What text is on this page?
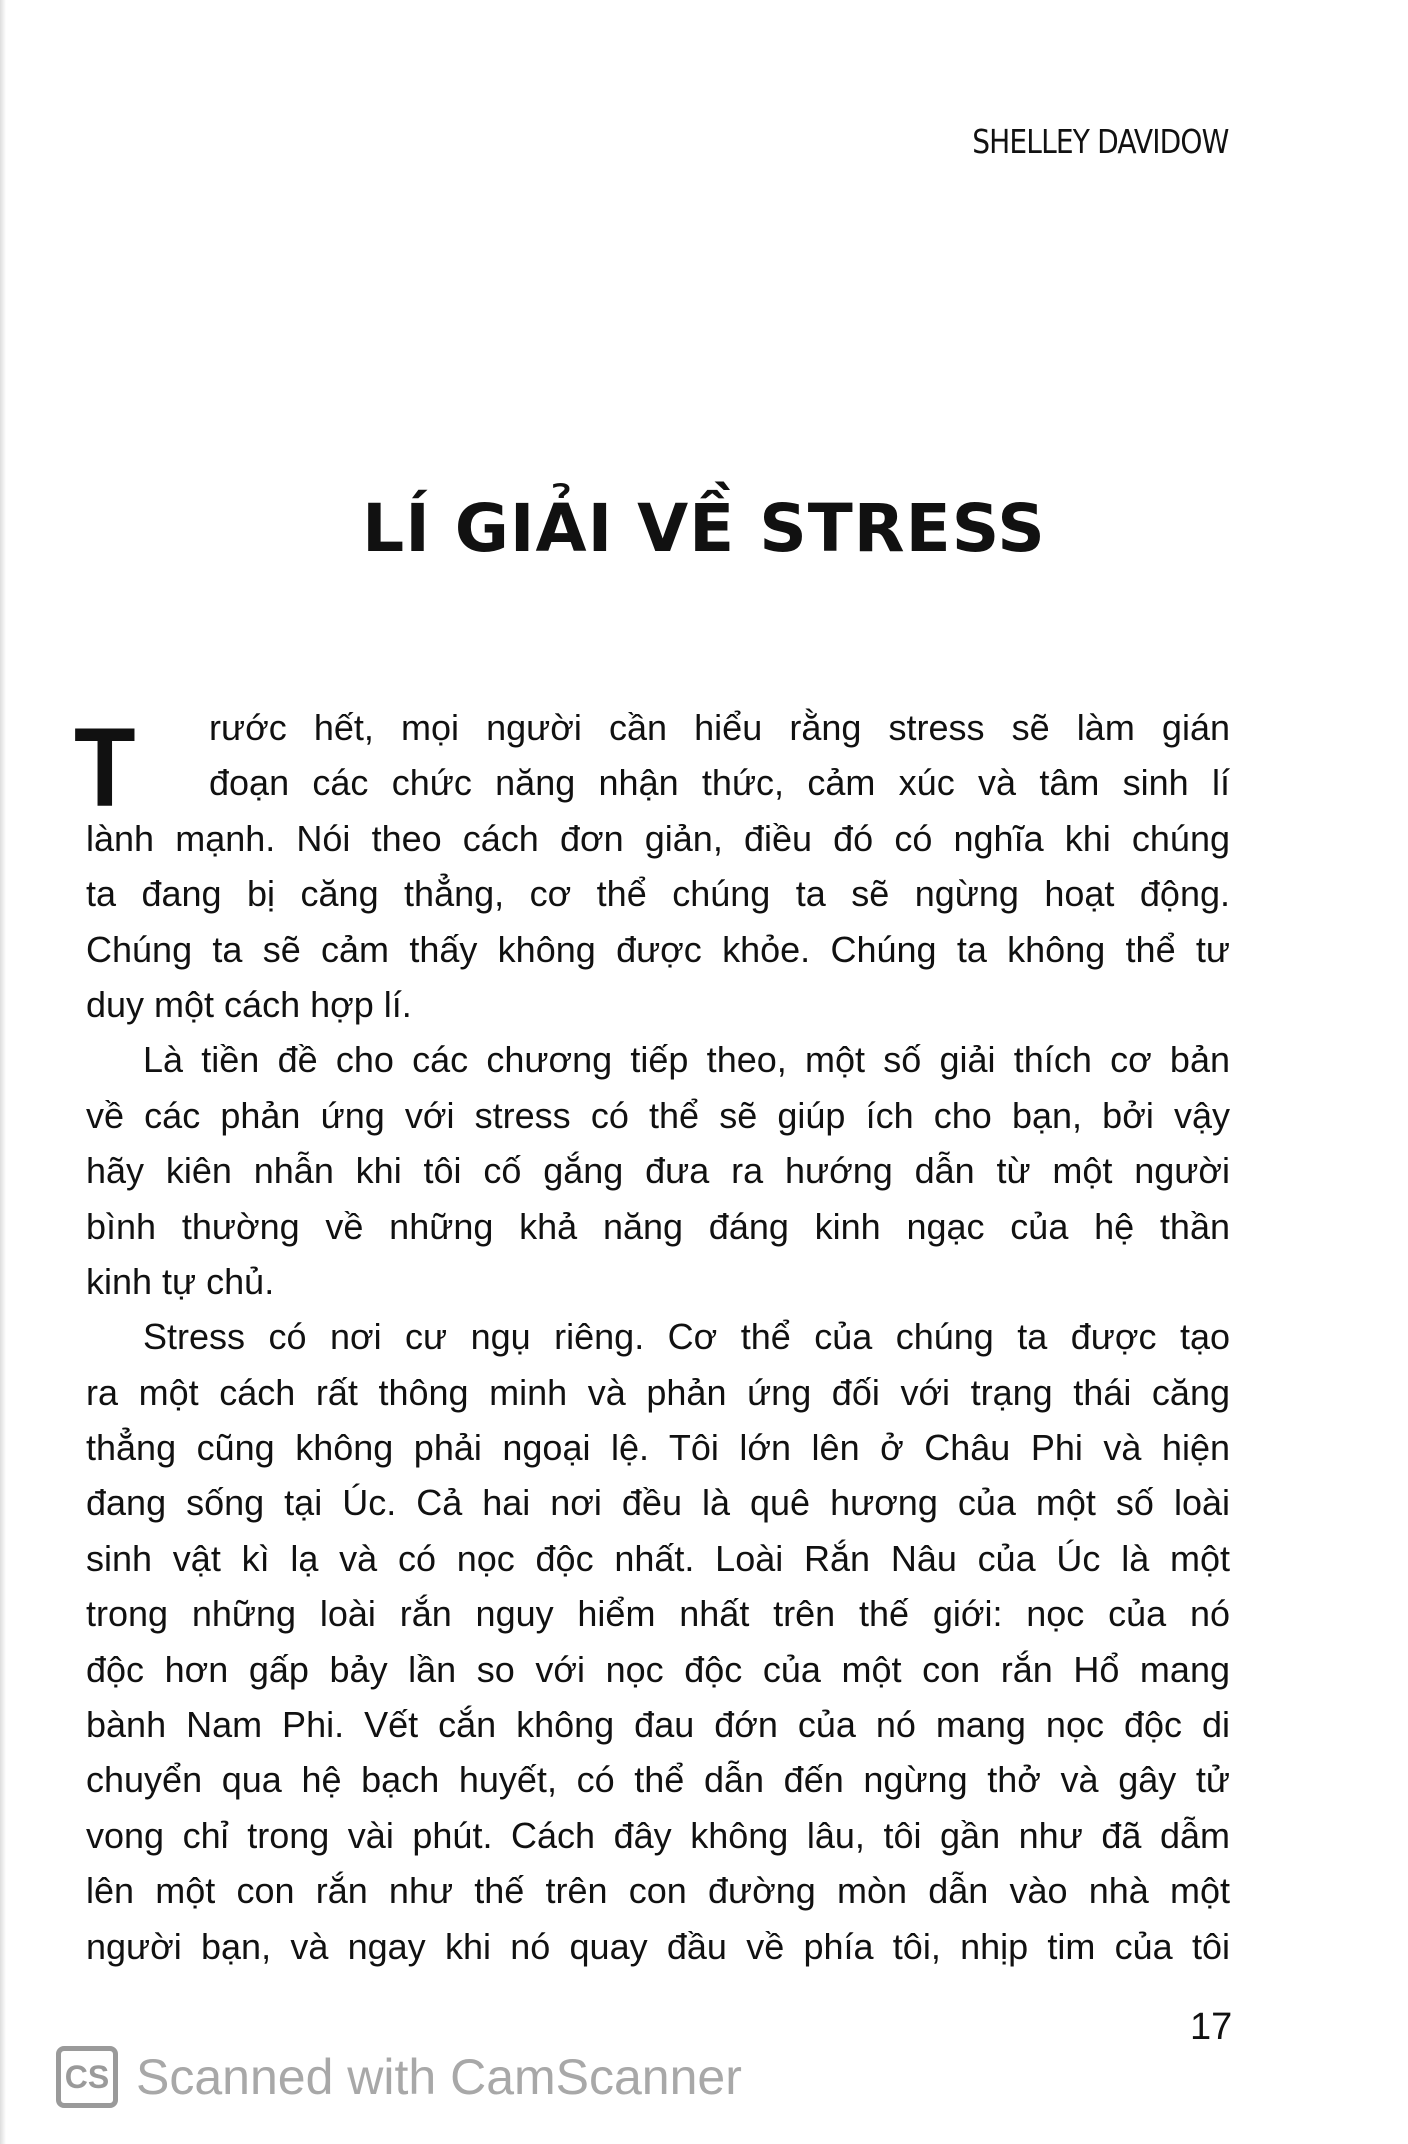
SHELLEY DAVIDOW
LÍ GIẢI VỀ STRESS
T	rước hết, mọi người cần hiểu rằng stress sẽ làm gián
đoạn các chức năng nhận thức, cảm xúc và tâm sinh lí
lành mạnh. Nói theo cách đơn giản, điều đó có nghĩa khi chúng
ta đang bị căng thẳng, cơ thể chúng ta sẽ ngừng hoạt động.
Chúng ta sẽ cảm thấy không được khỏe. Chúng ta không thể tư
duy một cách hợp lí.
Là tiền đề cho các chương tiếp theo, một số giải thích cơ bản
về các phản ứng với stress có thể sẽ giúp ích cho bạn, bởi vậy
hãy kiên nhẫn khi tôi cố gắng đưa ra hướng dẫn từ một người
bình thường về những khả năng đáng kinh ngạc của hệ thần
kinh tự chủ.
Stress có nơi cư ngụ riêng. Cơ thể của chúng ta được tạo
ra một cách rất thông minh và phản ứng đối với trạng thái căng
thẳng cũng không phải ngoại lệ. Tôi lớn lên ở Châu Phi và hiện
đang sống tại Úc. Cả hai nơi đều là quê hương của một số loài
sinh vật kì lạ và có nọc độc nhất. Loài Rắn Nâu của Úc là một
trong những loài rắn nguy hiểm nhất trên thế giới: nọc của nó
độc hơn gấp bảy lần so với nọc độc của một con rắn Hổ mang
bành Nam Phi. Vết cắn không đau đớn của nó mang nọc độc di
chuyển qua hệ bạch huyết, có thể dẫn đến ngừng thở và gây tử
vong chỉ trong vài phút. Cách đây không lâu, tôi gần như đã dẫm
lên một con rắn như thế trên con đường mòn dẫn vào nhà một
người bạn, và ngay khi nó quay đầu về phía tôi, nhịp tim của tôi
17
CS Scanned with CamScanner
